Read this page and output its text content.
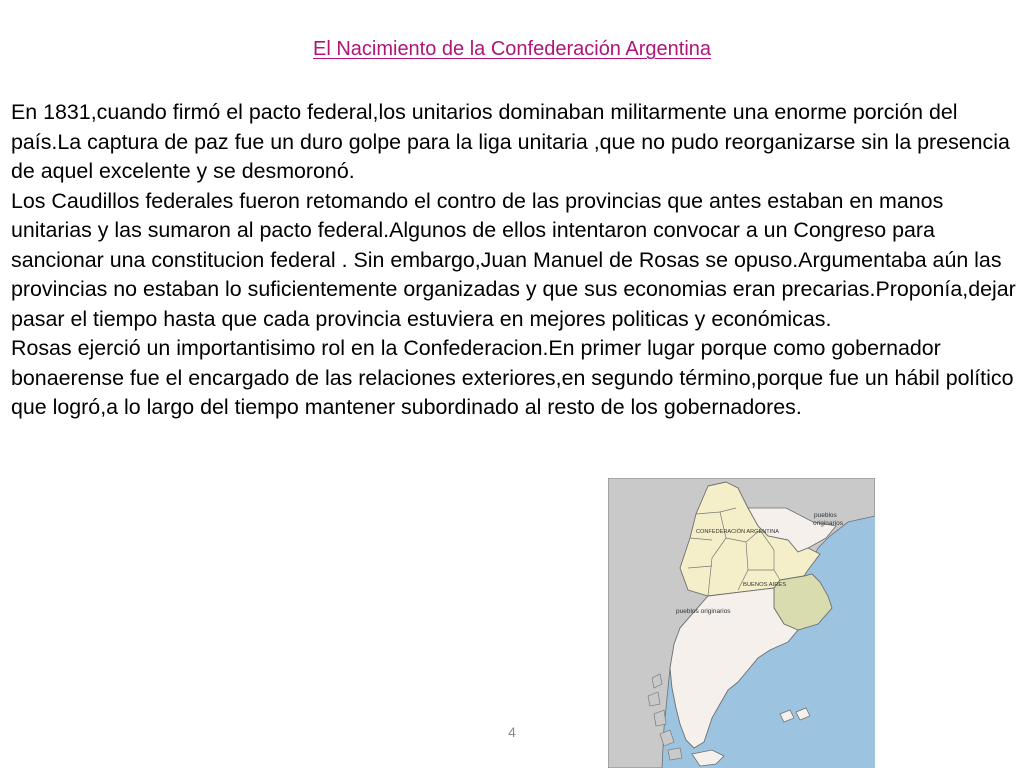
El Nacimiento de la Confederación Argentina

En 1831,cuando firmó el pacto federal,los unitarios dominaban militarmente una enorme porción del país.La captura de paz fue un duro golpe para la liga unitaria ,que no pudo reorganizarse sin la presencia de aquel excelente y se desmoronó.

Los Caudillos federales fueron retomando el contro de las provincias que antes estaban en manos unitarias y las sumaron al pacto federal.Algunos de ellos intentaron convocar a un Congreso para sancionar una constitucion federal . Sin embargo,Juan Manuel de Rosas se opuso.Argumentaba aún las provincias no estaban lo suficientemente organizadas y que sus economias eran precarias.Proponía,dejar pasar el tiempo hasta que cada provincia estuviera en mejores politicas y económicas.

Rosas ejerció un importantisimo rol en la Confederacion.En primer lugar porque como gobernador bonaerense fue el encargado de las relaciones exteriores,en segundo término,porque fue un hábil político que logró,a lo largo del tiempo mantener subordinado al resto de los gobernadores.

pueblos
originarios
CONFEDERACIÓN ARGENTINA
BUENOS AIRES
pueblos originarios
4
